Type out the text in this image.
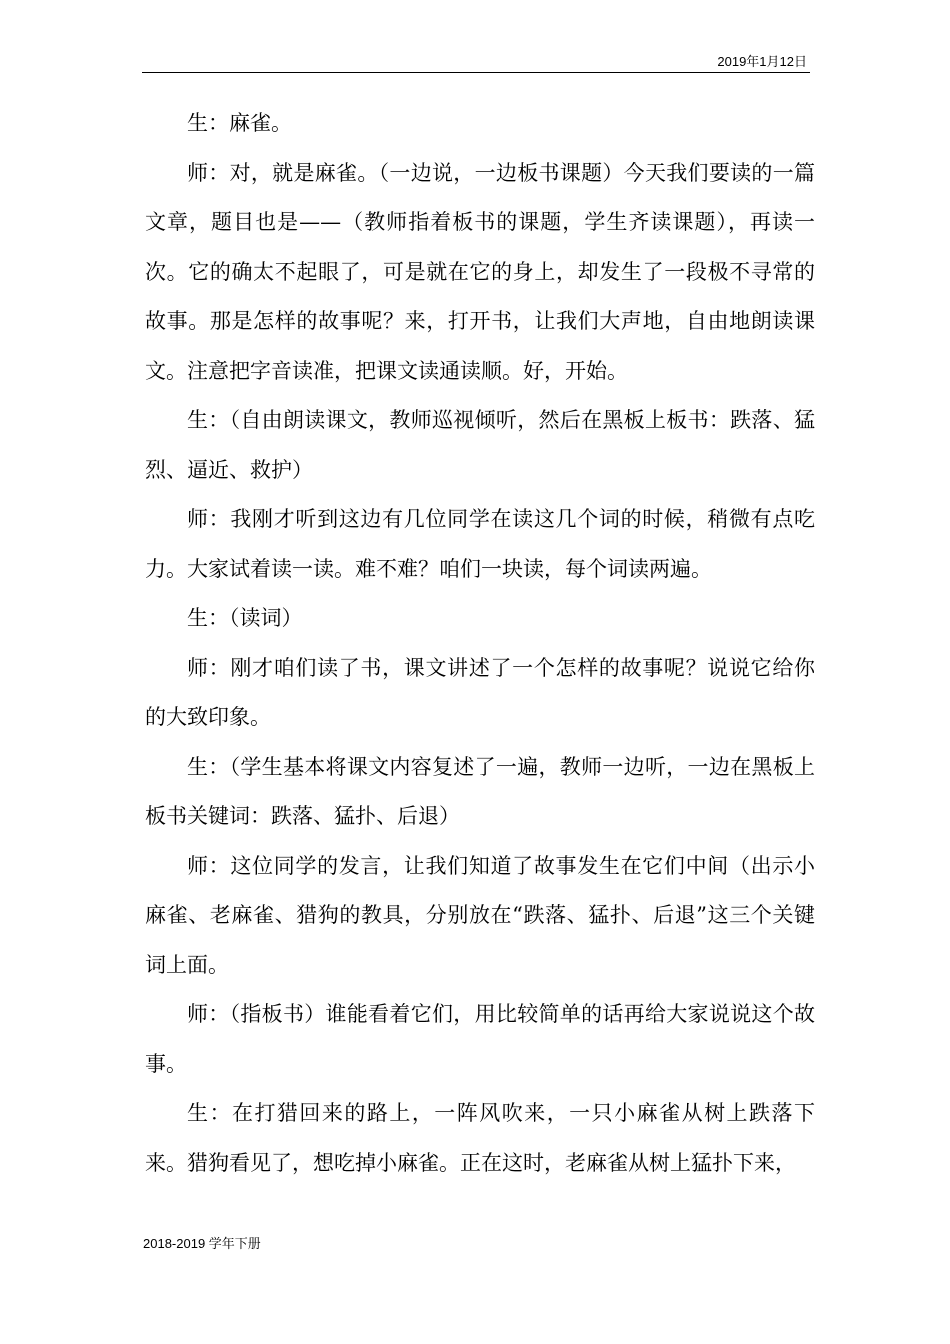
2019年1月12日

生：麻雀。

师：对，就是麻雀。（一边说，一边板书课题）今天我们要读的一篇文章，题目也是——（教师指着板书的课题，学生齐读课题），再读一次。它的确太不起眼了，可是就在它的身上，却发生了一段极不寻常的故事。那是怎样的故事呢？来，打开书，让我们大声地，自由地朗读课文。注意把字音读准，把课文读通读顺。好，开始。

生：（自由朗读课文，教师巡视倾听，然后在黑板上板书：跌落、猛烈、逼近、救护）

师：我刚才听到这边有几位同学在读这几个词的时候，稍微有点吃力。大家试着读一读。难不难？咱们一块读，每个词读两遍。

生：（读词）

师：刚才咱们读了书，课文讲述了一个怎样的故事呢？说说它给你的大致印象。

生：（学生基本将课文内容复述了一遍，教师一边听，一边在黑板上板书关键词：跌落、猛扑、后退）

师：这位同学的发言，让我们知道了故事发生在它们中间（出示小麻雀、老麻雀、猎狗的教具，分别放在“跌落、猛扑、后退”这三个关键词上面。

师：（指板书）谁能看着它们，用比较简单的话再给大家说说这个故事。

生：在打猎回来的路上，一阵风吹来，一只小麻雀从树上跌落下来。猎狗看见了，想吃掉小麻雀。正在这时，老麻雀从树上猛扑下来，

2018-2019 学年下册
